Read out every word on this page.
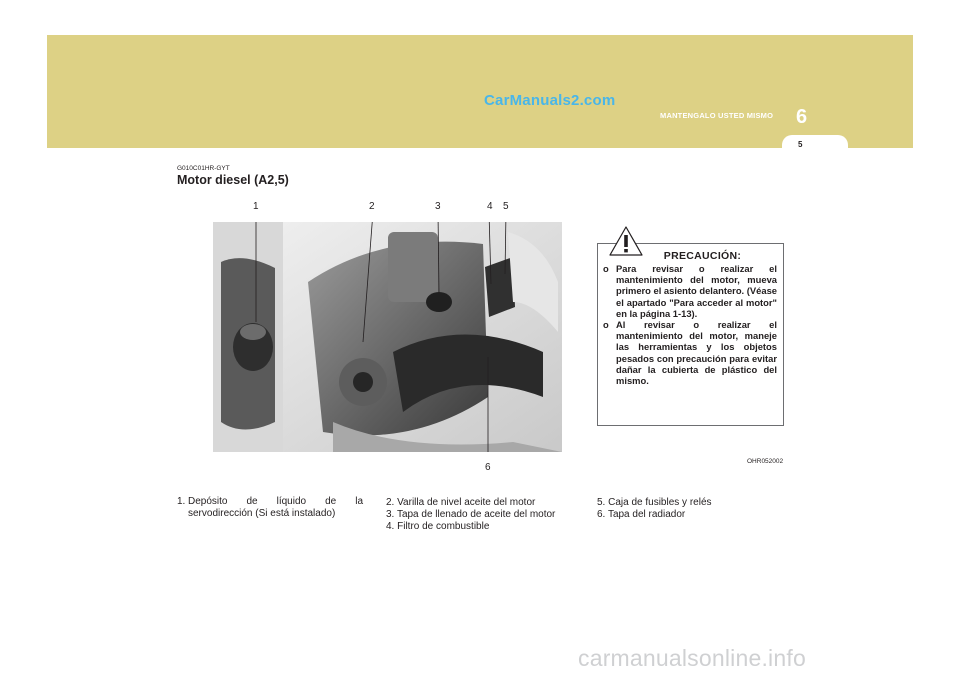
CarManuals2.com
MANTENGALO USTED MISMO 6
5
G010C01HR-GYT
Motor diesel (A2,5)
1	2	3	4 5
6
OHR052002
PRECAUCIÓN:
o Para revisar o realizar el mantenimiento del motor, mueva primero el asiento delantero. (Véase el apartado "Para acceder al motor" en la página 1-13).
o Al revisar o realizar el mantenimiento del motor, maneje las herramientas y los objetos pesados con precaución para evitar dañar la cubierta de plástico del mismo.
1. Depósito de líquido de la servodirección (Si está instalado)
2. Varilla de nivel aceite del motor
3. Tapa de llenado de aceite del motor
4. Filtro de combustible
5. Caja de fusibles y relés
6. Tapa del radiador
carmanualsonline.info
